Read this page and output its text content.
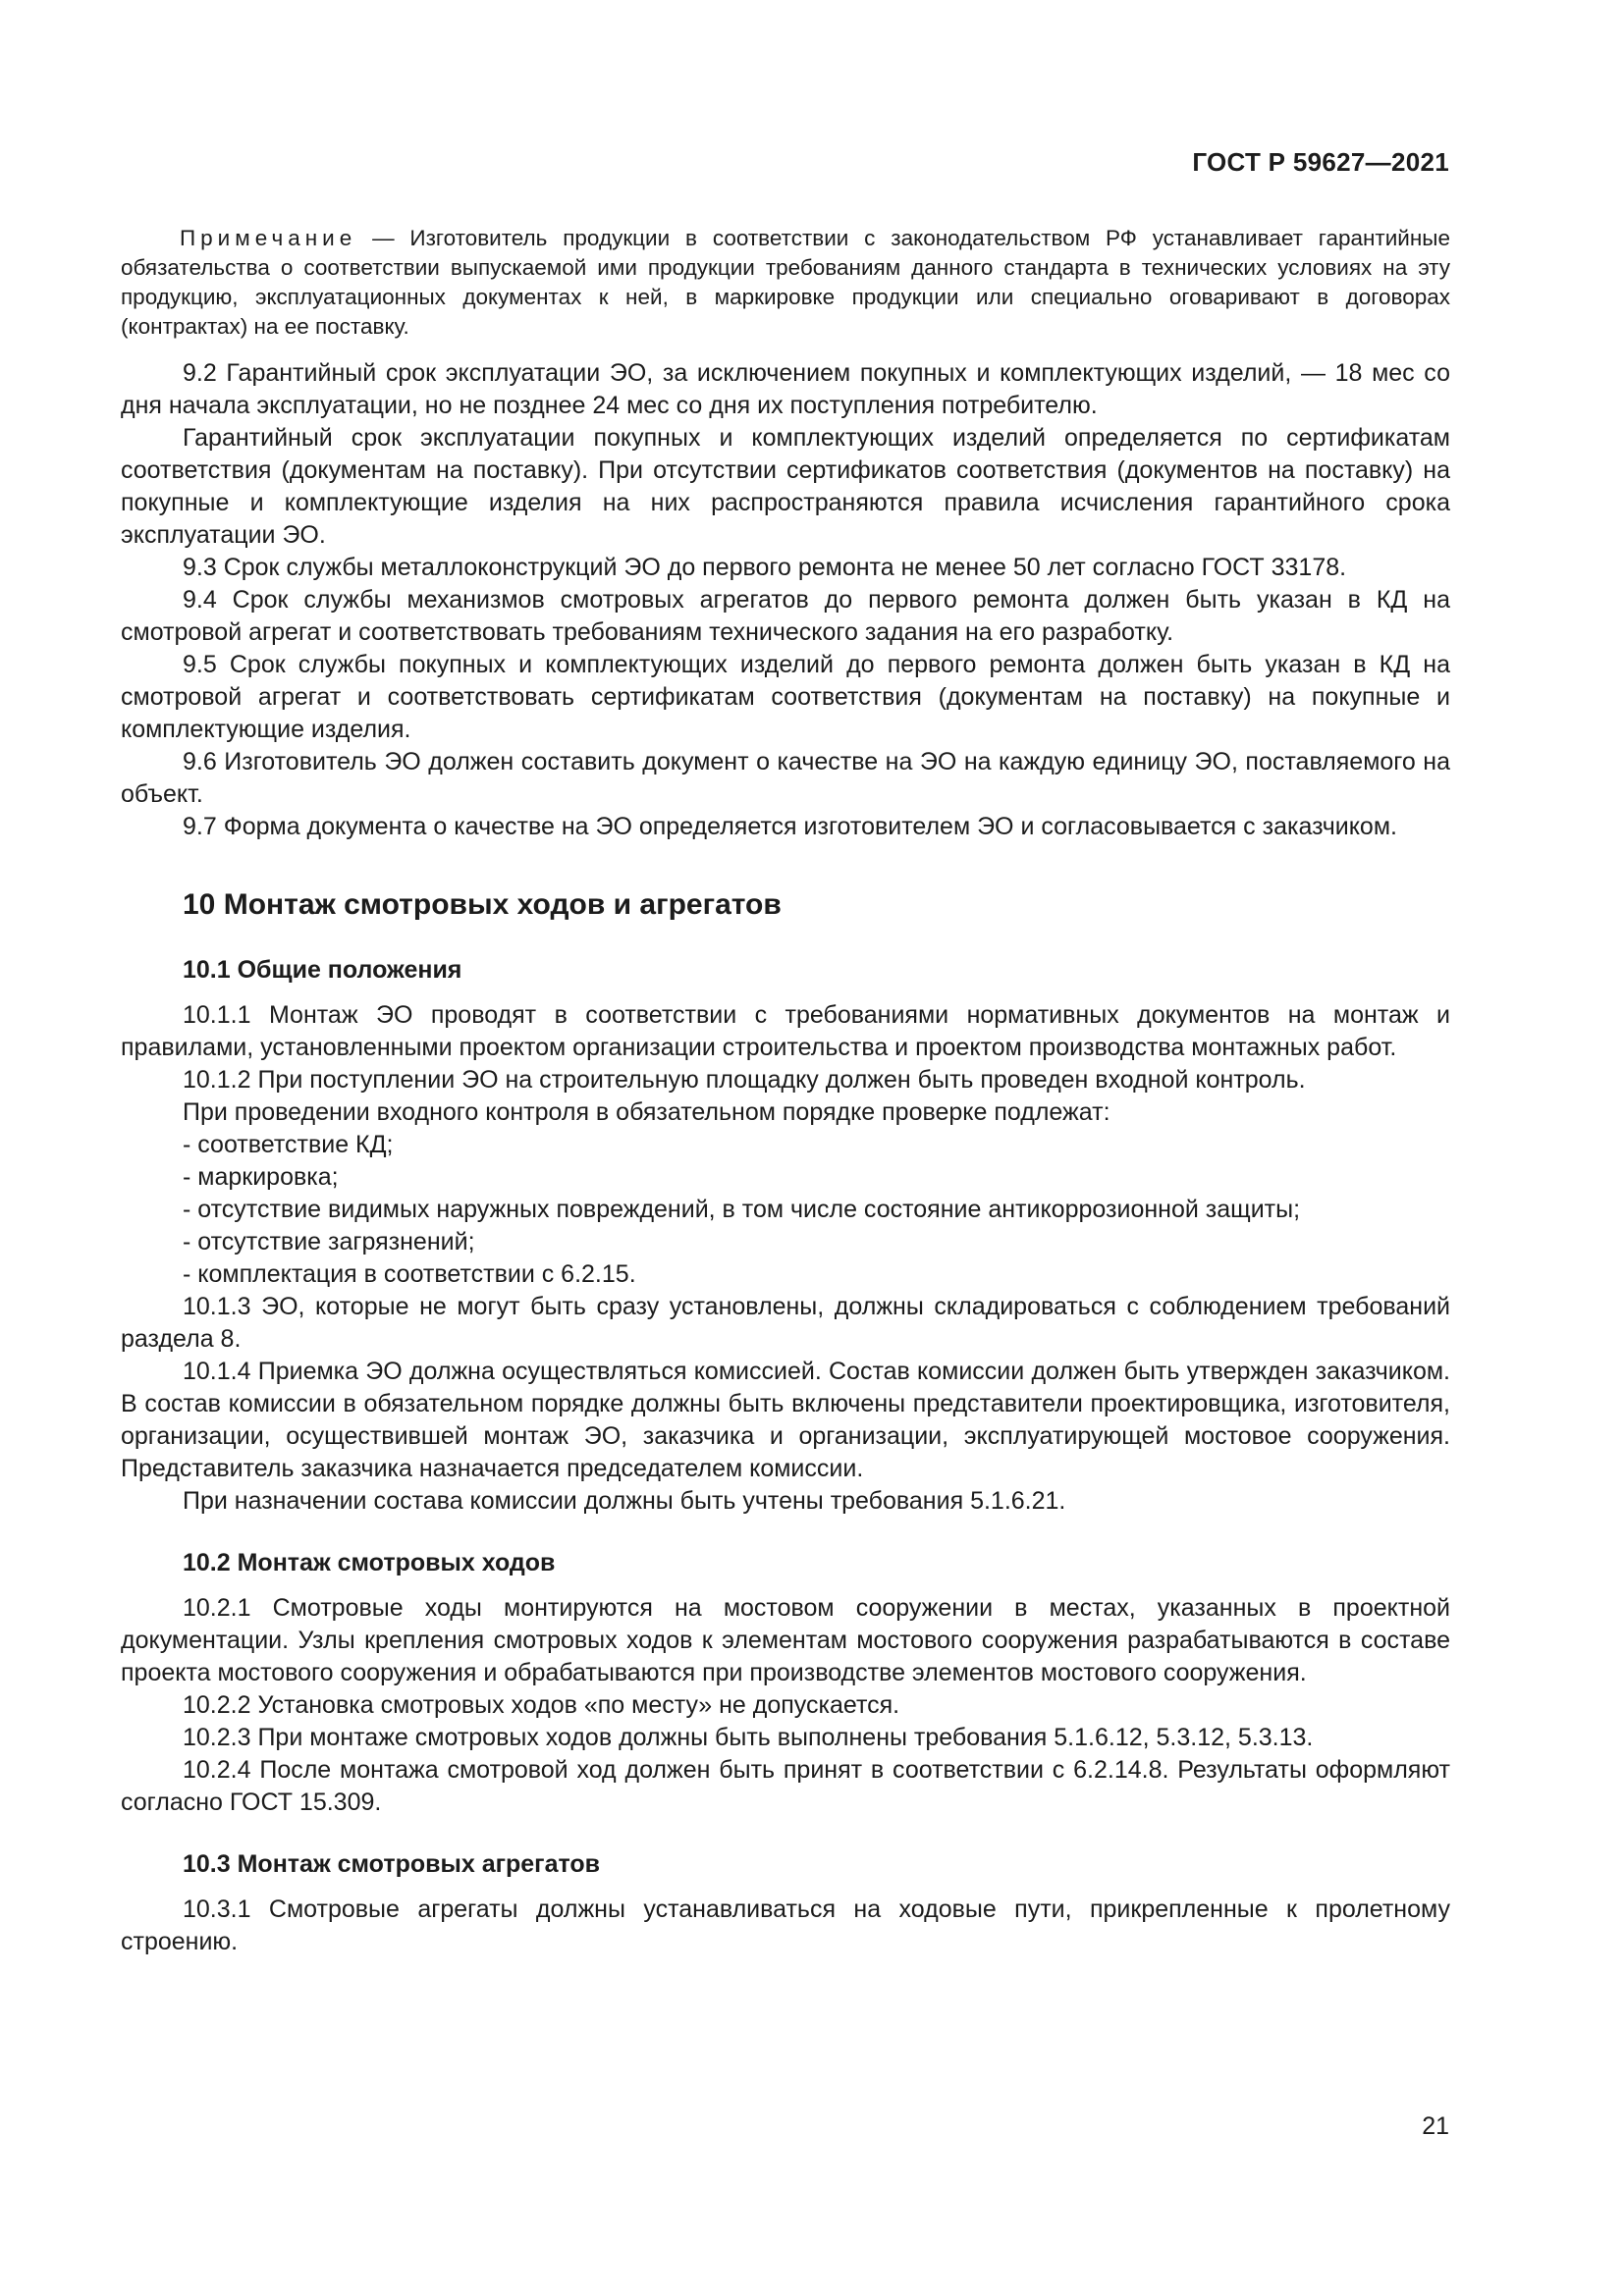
ГОСТ Р 59627—2021

Примечание — Изготовитель продукции в соответствии с законодательством РФ устанавливает гарантийные обязательства о соответствии выпускаемой ими продукции требованиям данного стандарта в технических условиях на эту продукцию, эксплуатационных документах к ней, в маркировке продукции или специально оговаривают в договорах (контрактах) на ее поставку.

9.2 Гарантийный срок эксплуатации ЭО, за исключением покупных и комплектующих изделий, — 18 мес со дня начала эксплуатации, но не позднее 24 мес со дня их поступления потребителю.

Гарантийный срок эксплуатации покупных и комплектующих изделий определяется по сертификатам соответствия (документам на поставку). При отсутствии сертификатов соответствия (документов на поставку) на покупные и комплектующие изделия на них распространяются правила исчисления гарантийного срока эксплуатации ЭО.

9.3 Срок службы металлоконструкций ЭО до первого ремонта не менее 50 лет согласно ГОСТ 33178.

9.4 Срок службы механизмов смотровых агрегатов до первого ремонта должен быть указан в КД на смотровой агрегат и соответствовать требованиям технического задания на его разработку.

9.5 Срок службы покупных и комплектующих изделий до первого ремонта должен быть указан в КД на смотровой агрегат и соответствовать сертификатам соответствия (документам на поставку) на покупные и комплектующие изделия.

9.6 Изготовитель ЭО должен составить документ о качестве на ЭО на каждую единицу ЭО, поставляемого на объект.

9.7 Форма документа о качестве на ЭО определяется изготовителем ЭО и согласовывается с заказчиком.

10 Монтаж смотровых ходов и агрегатов
10.1 Общие положения

10.1.1 Монтаж ЭО проводят в соответствии с требованиями нормативных документов на монтаж и правилами, установленными проектом организации строительства и проектом производства монтажных работ.

10.1.2 При поступлении ЭО на строительную площадку должен быть проведен входной контроль.

При проведении входного контроля в обязательном порядке проверке подлежат:

- соответствие КД;

- маркировка;

- отсутствие видимых наружных повреждений, в том числе состояние антикоррозионной защиты;

- отсутствие загрязнений;

- комплектация в соответствии с 6.2.15.

10.1.3 ЭО, которые не могут быть сразу установлены, должны складироваться с соблюдением требований раздела 8.

10.1.4 Приемка ЭО должна осуществляться комиссией. Состав комиссии должен быть утвержден заказчиком. В состав комиссии в обязательном порядке должны быть включены представители проектировщика, изготовителя, организации, осуществившей монтаж ЭО, заказчика и организации, эксплуатирующей мостовое сооружения. Представитель заказчика назначается председателем комиссии.

При назначении состава комиссии должны быть учтены требования 5.1.6.21.

10.2 Монтаж смотровых ходов

10.2.1 Смотровые ходы монтируются на мостовом сооружении в местах, указанных в проектной документации. Узлы крепления смотровых ходов к элементам мостового сооружения разрабатываются в составе проекта мостового сооружения и обрабатываются при производстве элементов мостового сооружения.

10.2.2 Установка смотровых ходов «по месту» не допускается.

10.2.3 При монтаже смотровых ходов должны быть выполнены требования 5.1.6.12, 5.3.12, 5.3.13.

10.2.4 После монтажа смотровой ход должен быть принят в соответствии с 6.2.14.8. Результаты оформляют согласно ГОСТ 15.309.

10.3 Монтаж смотровых агрегатов

10.3.1 Смотровые агрегаты должны устанавливаться на ходовые пути, прикрепленные к пролетному строению.

21
